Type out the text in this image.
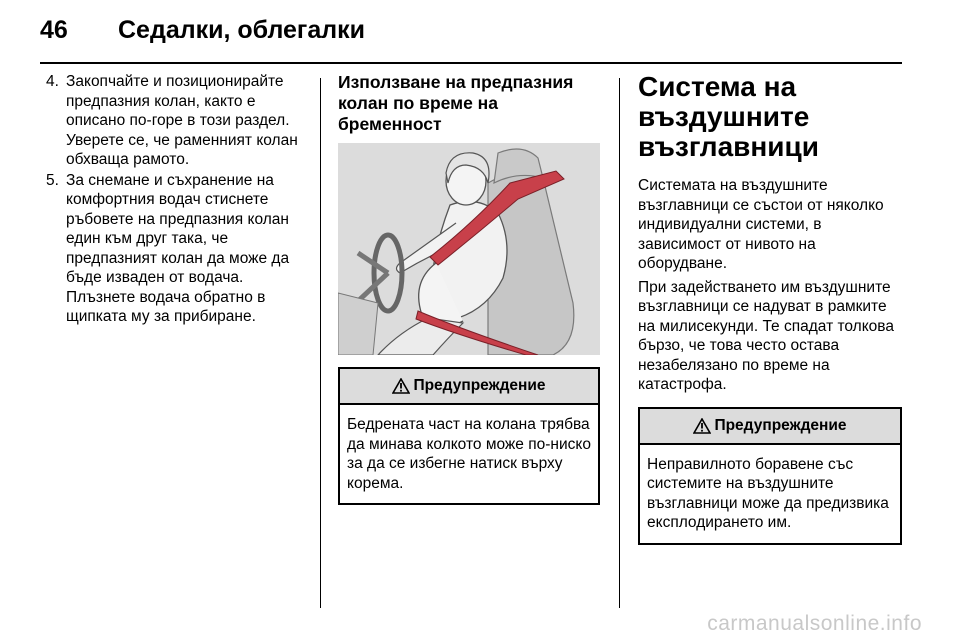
46 Седалки, облегалки
4. Закопчайте и позиционирайте предпазния колан, както е описано по-горе в този раздел. Уверете се, че раменният колан обхваща рамото.
5. За снемане и съхранение на комфортния водач стиснете ръбовете на предпазния колан един към друг така, че предпазният колан да може да бъде изваден от водача. Плъзнете водача обратно в щипката му за прибиране.
Използване на предпазния колан по време на бременност
Предупреждение
Бедрената част на колана трябва да минава колкото може по-ниско за да се избегне натиск върху корема.
Система на въздушните възглавници

Системата на въздушните възглавници се състои от няколко индивидуални системи, в зависимост от нивото на оборудване.

При задействането им въздушните възглавници се надуват в рамките на милисекунди. Те спадат толкова бързо, че това често остава незабелязано по време на катастрофа.

Предупреждение
Неправилното боравене със системите на въздушните възглавници може да предизвика експлодирането им.
carmanualsonline.info
